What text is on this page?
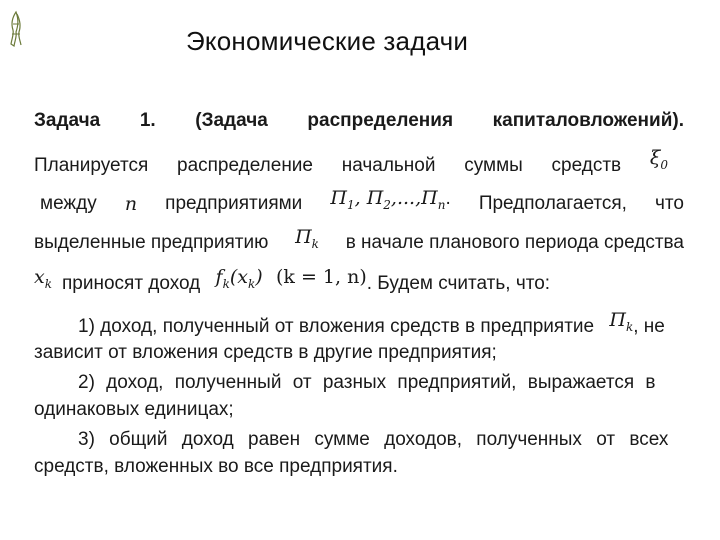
Экономические задачи
Задача 1. (Задача распределения капиталовложений).
Планируется распределение начальной суммы средств $\xi_0$
между n предприятиями $П_1$, $П_2,...,П_n$. Предполагается, что
выделенные предприятию $П_k$ в начале планового периода средства
$x_k$ приносят доход $f_k(x_k) (k = 1$, n). Будем считать, что:
1) доход, полученный от вложения средств в предприятие $П_k$, не
зависит от вложения средств в другие предприятия;
2) доход, полученный от разных предприятий, выражается в
одинаковых единицах;
3) общий доход равен сумме доходов, полученных от всех
средств, вложенных во все предприятия.
